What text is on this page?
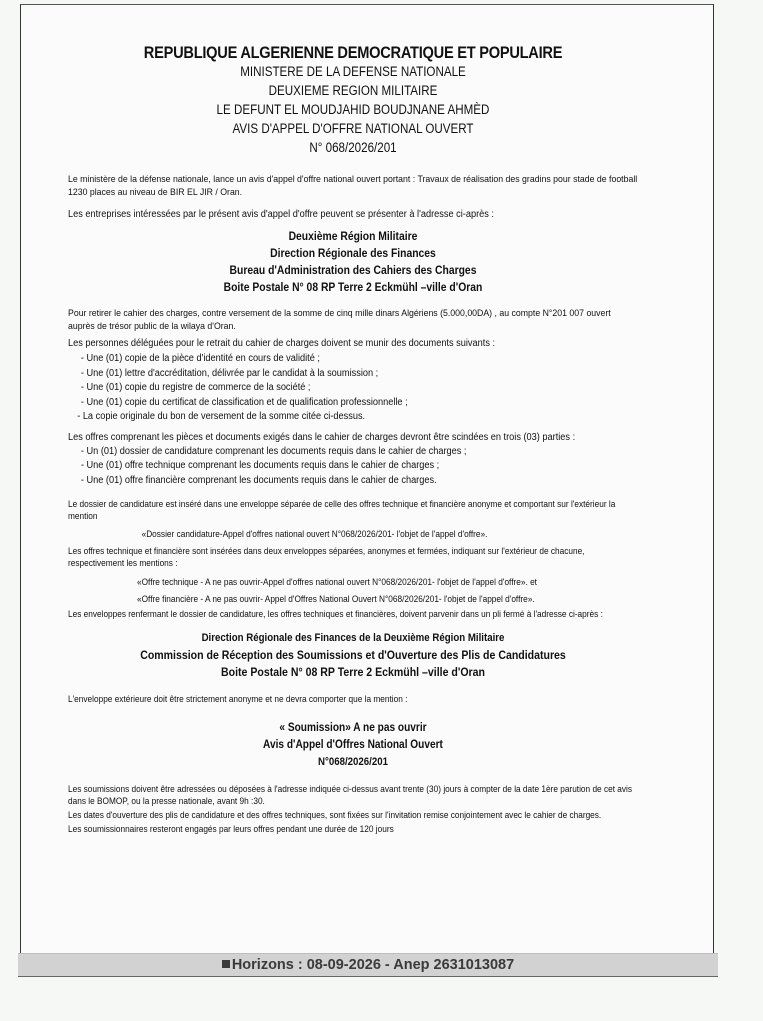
REPUBLIQUE ALGERIENNE DEMOCRATIQUE ET POPULAIRE
MINISTERE DE LA DEFENSE NATIONALE
DEUXIEME REGION MILITAIRE
LE DEFUNT EL MOUDJAHID BOUDJNANE AHMÈD
AVIS D'APPEL D'OFFRE NATIONAL OUVERT
N° 068/2026/201

Le ministère de la défense nationale, lance un avis d'appel d'offre national ouvert portant : Travaux de réalisation des gradins pour stade de football 1230 places au niveau de BIR EL JIR / Oran.

Les entreprises intéressées par le présent avis d'appel d'offre peuvent se présenter à l'adresse ci-après :

Deuxième Région Militaire
Direction Régionale des Finances
Bureau d'Administration des Cahiers des Charges
Boite Postale N° 08 RP Terre 2 Eckmühl –ville d'Oran

Pour retirer le cahier des charges, contre versement de la somme de cinq mille dinars Algériens (5.000,00DA) , au compte N°201 007 ouvert auprès de trésor public de la wilaya d'Oran.

Les personnes déléguées pour le retrait du cahier de charges doivent se munir des documents suivants :

- Une (01) copie de la pièce d'identité en cours de validité ;
- Une (01) lettre d'accréditation, délivrée par le candidat à la soumission ;
- Une (01) copie du registre de commerce de la société ;
- Une (01) copie du certificat de classification et de qualification professionnelle ;
- La copie originale du bon de versement de la somme citée ci-dessus.

Les offres comprenant les pièces et documents exigés dans le cahier de charges devront être scindées en trois (03) parties :

- Un (01) dossier de candidature comprenant les documents requis dans le cahier de charges ;
- Une (01) offre technique comprenant les documents requis dans le cahier de charges ;
- Une (01) offre financière comprenant les documents requis dans le cahier de charges.

Le dossier de candidature est inséré dans une enveloppe séparée de celle des offres technique et financière anonyme et comportant sur l'extérieur la mention

«Dossier candidature-Appel d'offres national ouvert N°068/2026/201- l'objet de l'appel d'offre».

Les offres technique et financière sont insérées dans deux enveloppes séparées, anonymes et fermées, indiquant sur l'extérieur de chacune, respectivement les mentions :

«Offre technique - A ne pas ouvrir-Appel d'offres national ouvert N°068/2026/201- l'objet de l'appel d'offre». et

«Offre financière - A ne pas ouvrir- Appel d'Offres National Ouvert N°068/2026/201- l'objet de l'appel d'offre».

Les enveloppes renfermant le dossier de candidature, les offres techniques et financières, doivent parvenir dans un pli fermé à l'adresse ci-après :

Direction Régionale des Finances de la Deuxième Région Militaire
Commission de Réception des Soumissions et d'Ouverture des Plis de Candidatures
Boite Postale N° 08 RP Terre 2 Eckmühl –ville d'Oran

L'enveloppe extérieure doit être strictement anonyme et ne devra comporter que la mention :

« Soumission» A ne pas ouvrir
Avis d'Appel d'Offres National Ouvert
N°068/2026/201

Les soumissions doivent être adressées ou déposées à l'adresse indiquée ci-dessus avant trente (30) jours à compter de la date 1ère parution de cet avis dans le BOMOP, ou la presse nationale, avant 9h :30.

Les dates d'ouverture des plis de candidature et des offres techniques, sont fixées sur l'invitation remise conjointement avec le cahier de charges.

Les soumissionnaires resteront engagés par leurs offres pendant une durée de 120 jours

Horizons : 08-09-2026 - Anep 2631013087
